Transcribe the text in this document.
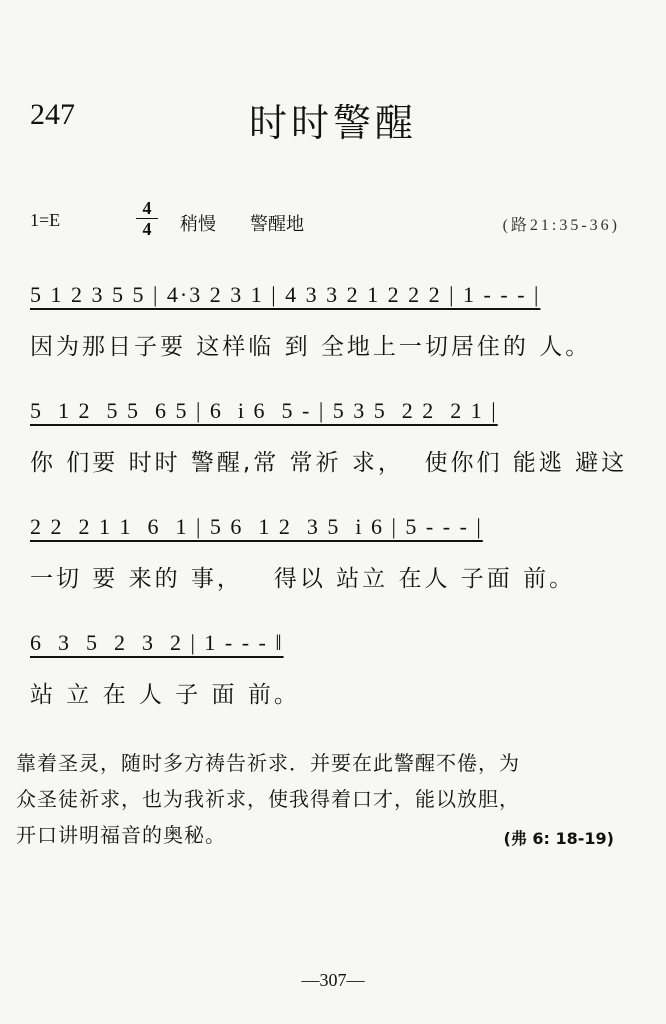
247	时时警醒
1=E	$\frac{4}{4}$ 稍慢 警醒地	(路21:35-36)
5 1 2 3 5 5 | 4·3 2 3 1 | 4 3 3 2 1 2 2 2 | 1 - - - |
因为那日子要 这样临 到 全地上一切居住的 人。
5  1 2  5 5  6 5 | 6  i 6  5 - | 5 3 5  2 2  2 1 |
你 们要 时时 警醒,常 常祈 求，  使你们 能逃 避这
2 2  2 1 1  6  1 | 5 6  1 2  3 5  i 6 | 5 - - - |
一切 要 来的 事，   得以 站立 在人 子面 前。
6  3  5  2  3  2 | 1 - - - ‖
站 立 在 人 子 面 前。
靠着圣灵，随时多方祷告祈求．并要在此警醒不倦，为
众圣徒祈求，也为我祈求，使我得着口才，能以放胆，
开口讲明福音的奥秘。	(弗 6: 18-19)
—307—
